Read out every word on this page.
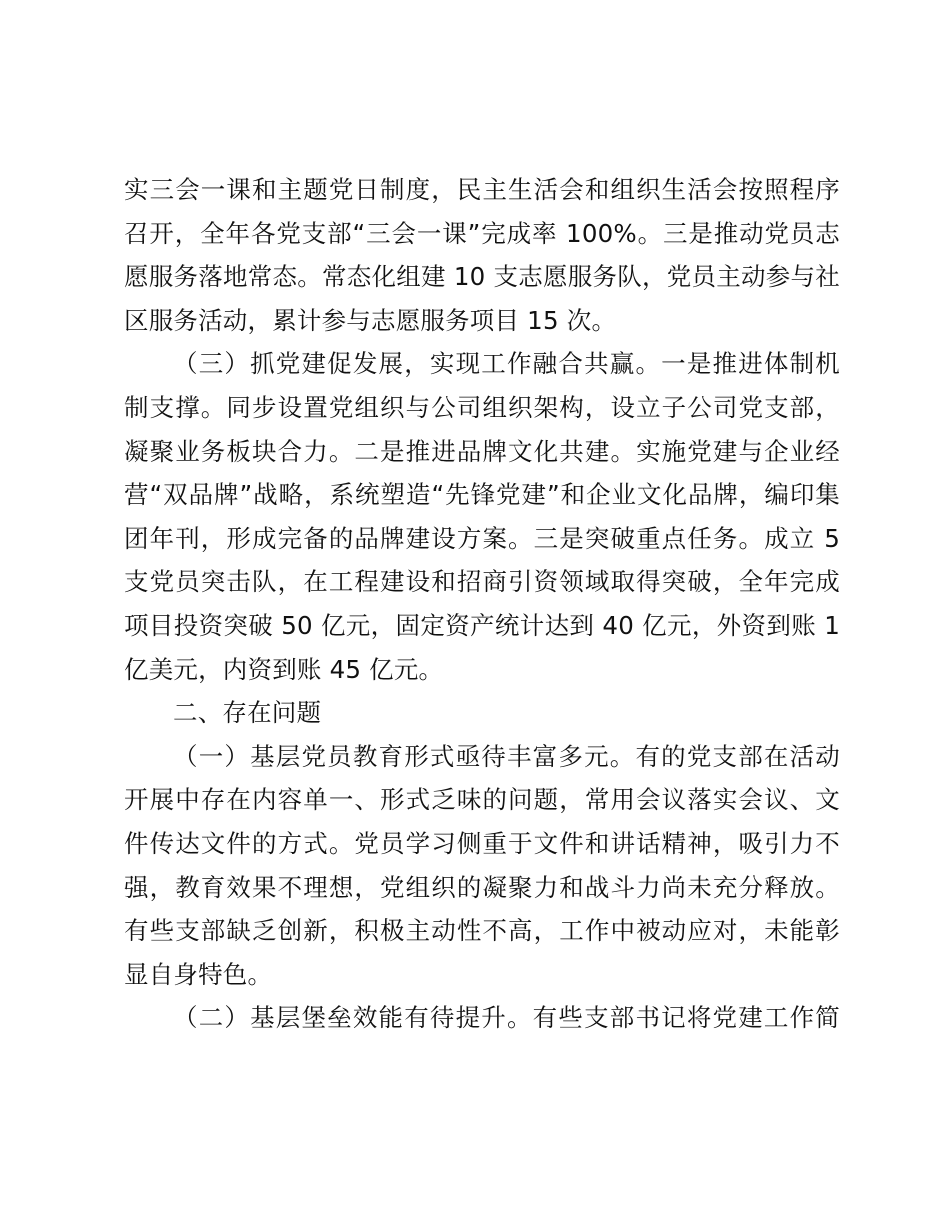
实三会一课和主题党日制度，民主生活会和组织生活会按照程序
召开，全年各党支部“三会一课”完成率 100%。三是推动党员志
愿服务落地常态。常态化组建 10 支志愿服务队，党员主动参与社
区服务活动，累计参与志愿服务项目 15 次。

（三）抓党建促发展，实现工作融合共赢。一是推进体制机
制支撑。同步设置党组织与公司组织架构，设立子公司党支部，
凝聚业务板块合力。二是推进品牌文化共建。实施党建与企业经
营“双品牌”战略，系统塑造“先锋党建”和企业文化品牌，编印集
团年刊，形成完备的品牌建设方案。三是突破重点任务。成立 5
支党员突击队，在工程建设和招商引资领域取得突破，全年完成
项目投资突破 50 亿元，固定资产统计达到 40 亿元，外资到账 1
亿美元，内资到账 45 亿元。

二、存在问题

（一）基层党员教育形式亟待丰富多元。有的党支部在活动
开展中存在内容单一、形式乏味的问题，常用会议落实会议、文
件传达文件的方式。党员学习侧重于文件和讲话精神，吸引力不
强，教育效果不理想，党组织的凝聚力和战斗力尚未充分释放。
有些支部缺乏创新，积极主动性不高，工作中被动应对，未能彰
显自身特色。

（二）基层堡垒效能有待提升。有些支部书记将党建工作简
